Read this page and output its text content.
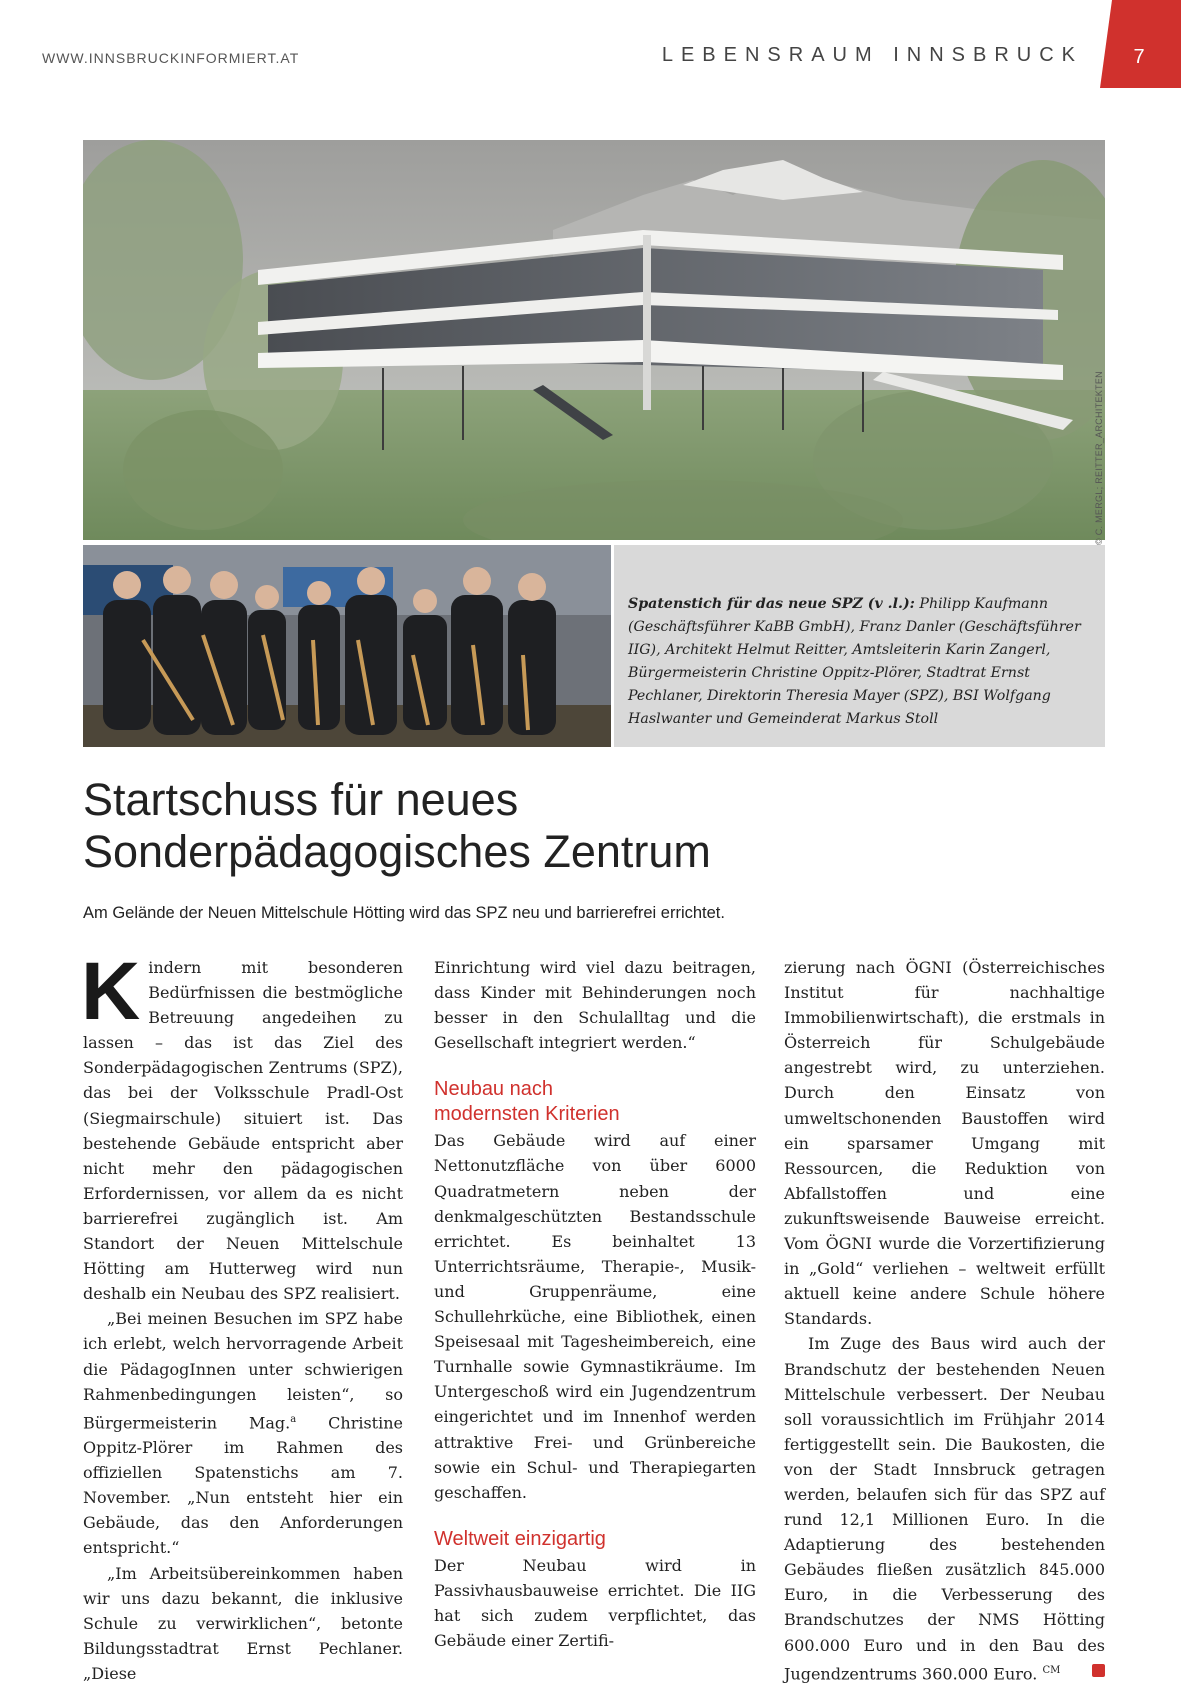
WWW.INNSBRUCKINFORMIERT.AT	LEBENSRAUM INNSBRUCK	7
© C. MERGL; REITTER_ARCHITEKTEN
Spatenstich für das neue SPZ (v .l.): Philipp Kaufmann (Geschäftsführer KaBB GmbH), Franz Danler (Geschäftsführer IIG), Architekt Helmut Reitter, Amtsleiterin Karin Zangerl, Bürgermeisterin Christine Oppitz-Plörer, Stadtrat Ernst Pechlaner, Direktorin Theresia Mayer (SPZ), BSI Wolfgang Haslwanter und Gemeinderat Markus Stoll
Startschuss für neues
Sonderpädagogisches Zentrum
Am Gelände der Neuen Mittelschule Hötting wird das SPZ neu und barrierefrei errichtet.

Kindern mit besonderen Bedürfnissen die bestmögliche Betreuung angedeihen zu lassen – das ist das Ziel des Sonderpädagogischen Zentrums (SPZ), das bei der Volksschule Pradl-Ost (Siegmairschule) situiert ist. Das bestehende Gebäude entspricht aber nicht mehr den pädagogischen Erfordernissen, vor allem da es nicht barrierefrei zugänglich ist. Am Standort der Neuen Mittelschule Hötting am Hutterweg wird nun deshalb ein Neubau des SPZ realisiert.

„Bei meinen Besuchen im SPZ habe ich erlebt, welch hervorragende Arbeit die PädagogInnen unter schwierigen Rahmenbedingungen leisten“, so Bürgermeisterin Mag.$^a$ Christine Oppitz-Plörer im Rahmen des offiziellen Spatenstichs am 7. November. „Nun entsteht hier ein Gebäude, das den Anforderungen entspricht.“

„Im Arbeitsübereinkommen haben wir uns dazu bekannt, die inklusive Schule zu verwirklichen“, betonte Bildungsstadtrat Ernst Pechlaner. „Diese

Einrichtung wird viel dazu beitragen, dass Kinder mit Behinderungen noch besser in den Schulalltag und die Gesellschaft integriert werden.“

Neubau nach
modernsten Kriterien

Das Gebäude wird auf einer Nettonutzfläche von über 6000 Quadratmetern neben der denkmalgeschützten Bestandsschule errichtet. Es beinhaltet 13 Unterrichtsräume, Therapie-, Musik- und Gruppenräume, eine Schullehrküche, eine Bibliothek, einen Speisesaal mit Tagesheimbereich, eine Turnhalle sowie Gymnastikräume. Im Untergeschoß wird ein Jugendzentrum eingerichtet und im Innenhof werden attraktive Frei- und Grünbereiche sowie ein Schul- und Therapiegarten geschaffen.

Weltweit einzigartig

Der Neubau wird in Passivhausbauweise errichtet. Die IIG hat sich zudem verpflichtet, das Gebäude einer Zertifi-

zierung nach ÖGNI (Österreichisches Institut für nachhaltige Immobilienwirtschaft), die erstmals in Österreich für Schulgebäude angestrebt wird, zu unterziehen. Durch den Einsatz von umweltschonenden Baustoffen wird ein sparsamer Umgang mit Ressourcen, die Reduktion von Abfallstoffen und eine zukunftsweisende Bauweise erreicht. Vom ÖGNI wurde die Vorzertifizierung in „Gold“ verliehen – weltweit erfüllt aktuell keine andere Schule höhere Standards.

Im Zuge des Baus wird auch der Brandschutz der bestehenden Neuen Mittelschule verbessert. Der Neubau soll voraussichtlich im Frühjahr 2014 fertiggestellt sein. Die Baukosten, die von der Stadt Innsbruck getragen werden, belaufen sich für das SPZ auf rund 12,1 Millionen Euro. In die Adaptierung des bestehenden Gebäudes fließen zusätzlich 845.000 Euro, in die Verbesserung des Brandschutzes der NMS Hötting 600.000 Euro und in den Bau des Jugendzentrums 360.000 Euro. $^{CM}$
